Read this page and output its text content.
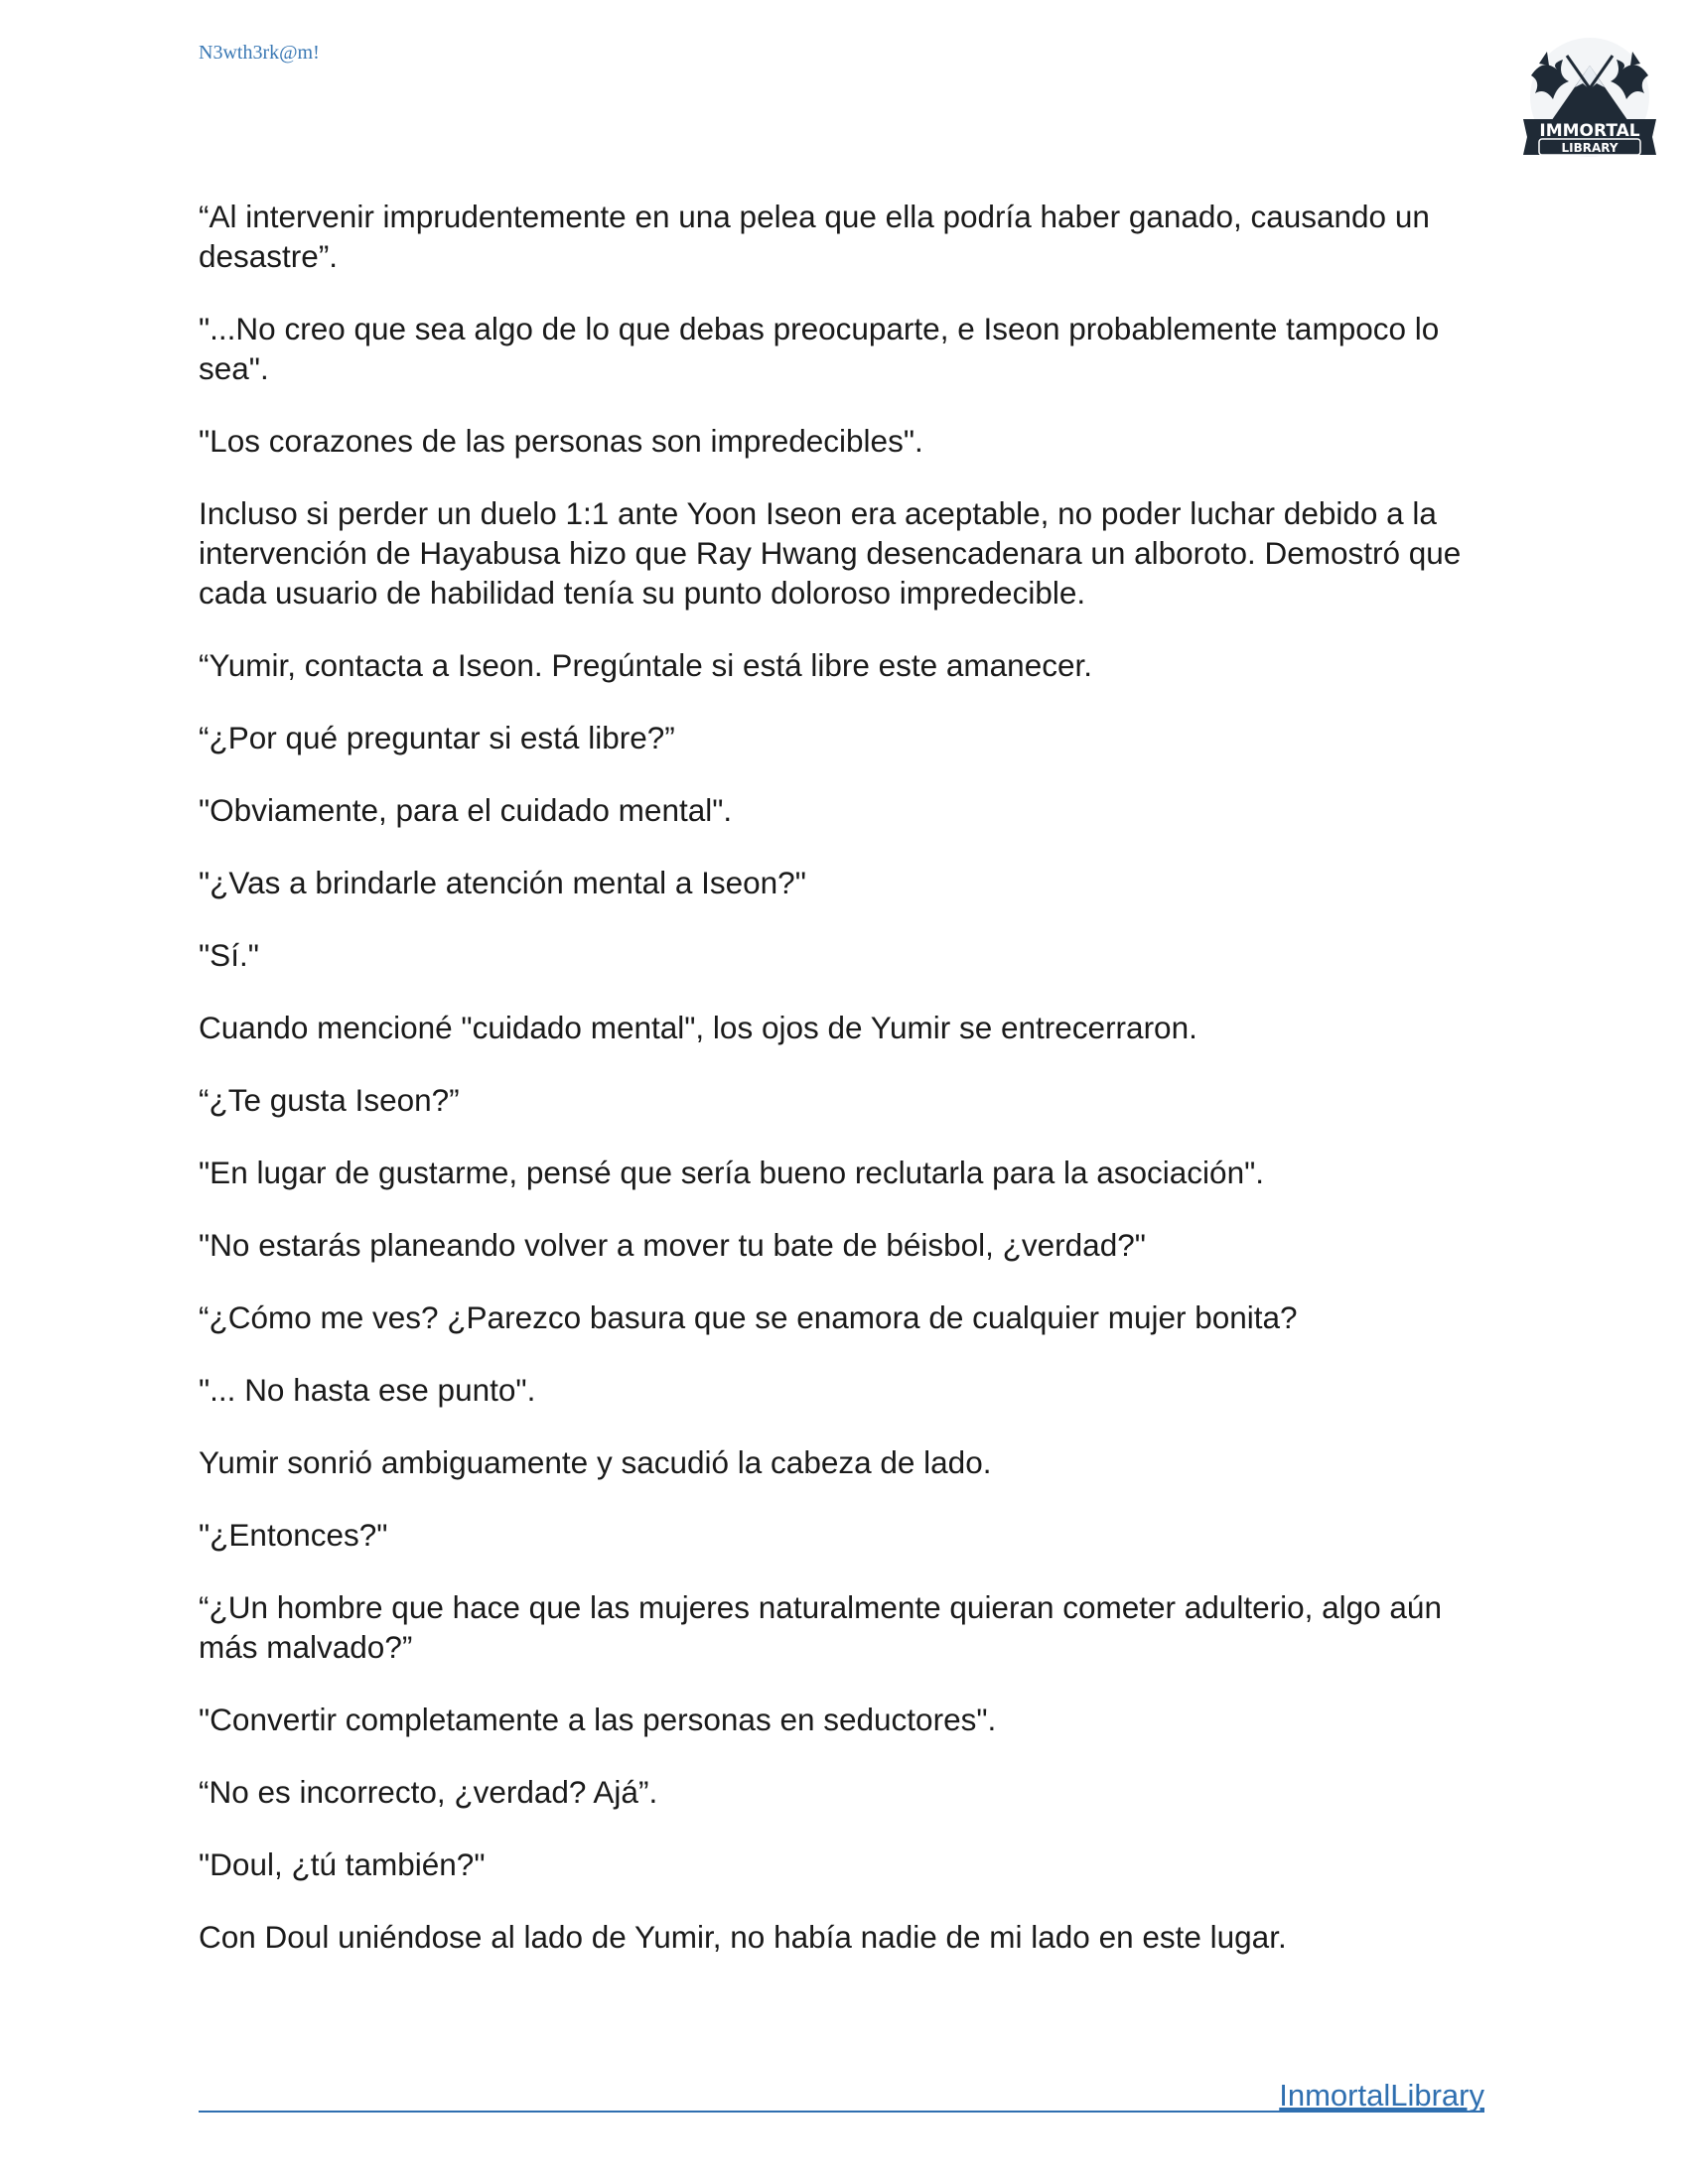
N3wth3rk@m!
IMMORTAL
LIBRARY

“Al intervenir imprudentemente en una pelea que ella podría haber ganado, causando un desastre”.

"...No creo que sea algo de lo que debas preocuparte, e Iseon probablemente tampoco lo sea".

"Los corazones de las personas son impredecibles".

Incluso si perder un duelo 1:1 ante Yoon Iseon era aceptable, no poder luchar debido a la intervención de Hayabusa hizo que Ray Hwang desencadenara un alboroto. Demostró que cada usuario de habilidad tenía su punto doloroso impredecible.

“Yumir, contacta a Iseon. Pregúntale si está libre este amanecer.

“¿Por qué preguntar si está libre?”

"Obviamente, para el cuidado mental".

"¿Vas a brindarle atención mental a Iseon?"

"Sí."

Cuando mencioné "cuidado mental", los ojos de Yumir se entrecerraron.

“¿Te gusta Iseon?”

"En lugar de gustarme, pensé que sería bueno reclutarla para la asociación".

"No estarás planeando volver a mover tu bate de béisbol, ¿verdad?"

“¿Cómo me ves? ¿Parezco basura que se enamora de cualquier mujer bonita?

"... No hasta ese punto".

Yumir sonrió ambiguamente y sacudió la cabeza de lado.

"¿Entonces?"

“¿Un hombre que hace que las mujeres naturalmente quieran cometer adulterio, algo aún más malvado?”

"Convertir completamente a las personas en seductores".

“No es incorrecto, ¿verdad? Ajá”.

"Doul, ¿tú también?"

Con Doul uniéndose al lado de Yumir, no había nadie de mi lado en este lugar.

InmortalLibrary
